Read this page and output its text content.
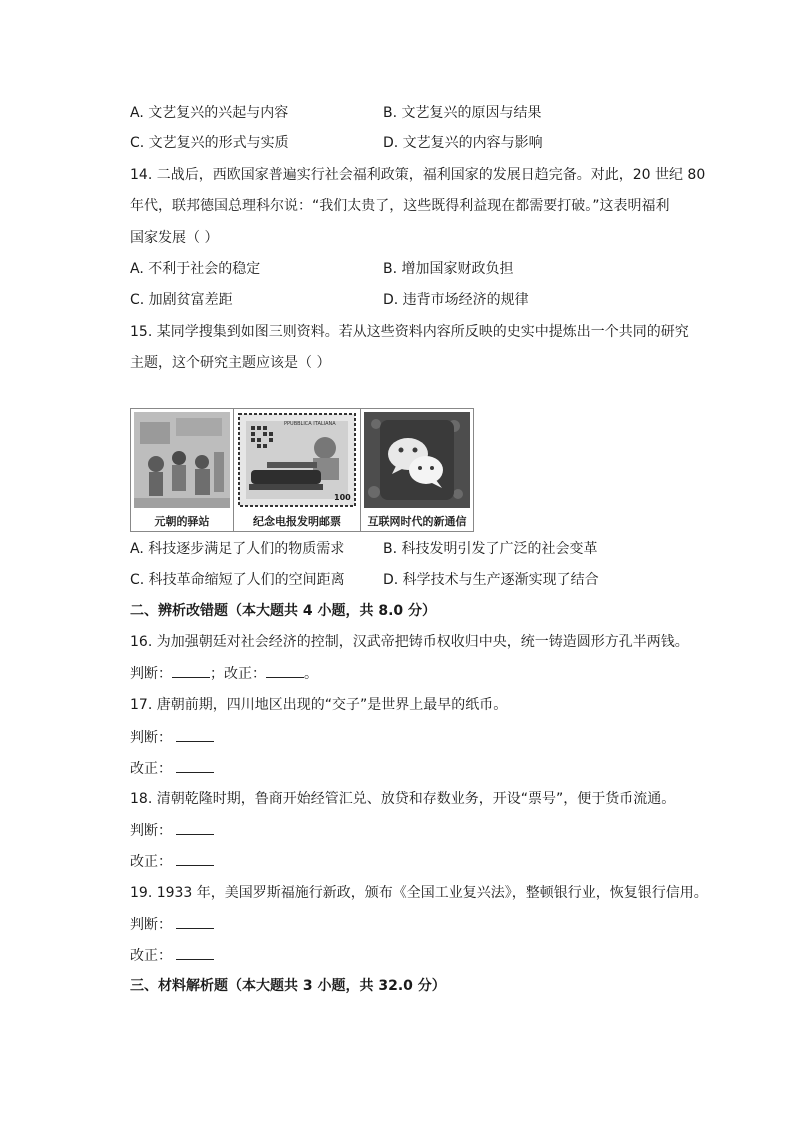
A. 文艺复兴的兴起与内容	B. 文艺复兴的原因与结果
C. 文艺复兴的形式与实质	D. 文艺复兴的内容与影响
14. 二战后，西欧国家普遍实行社会福利政策，福利国家的发展日趋完备。对此，20 世纪 80
年代，联邦德国总理科尔说：“我们太贵了，这些既得利益现在都需要打破。”这表明福利
国家发展（ ）
A. 不利于社会的稳定	B. 增加国家财政负担
C. 加剧贫富差距	D. 违背市场经济的规律
15. 某同学搜集到如图三则资料。若从这些资料内容所反映的史实中提炼出一个共同的研究
主题，这个研究主题应该是（ ）
元朝的驿站
PPUBBLICA ITALIANA
100
纪念电报发明邮票	互联网时代的新通信
A. 科技逐步满足了人们的物质需求	B. 科技发明引发了广泛的社会变革
C. 科技革命缩短了人们的空间距离	D. 科学技术与生产逐渐实现了结合
二、辨析改错题（本大题共 4 小题，共 8.0 分）
16. 为加强朝廷对社会经济的控制，汉武帝把铸币权收归中央，统一铸造圆形方孔半两钱。
判断：	；改正：	。
17. 唐朝前期，四川地区出现的“交子”是世界上最早的纸币。
判断：
改正：
18. 清朝乾隆时期，鲁商开始经管汇兑、放贷和存数业务，开设“票号”，便于货币流通。
判断：
改正：
19. 1933 年，美国罗斯福施行新政，颁布《全国工业复兴法》，整顿银行业，恢复银行信用。
判断：
改正：
三、材料解析题（本大题共 3 小题，共 32.0 分）
